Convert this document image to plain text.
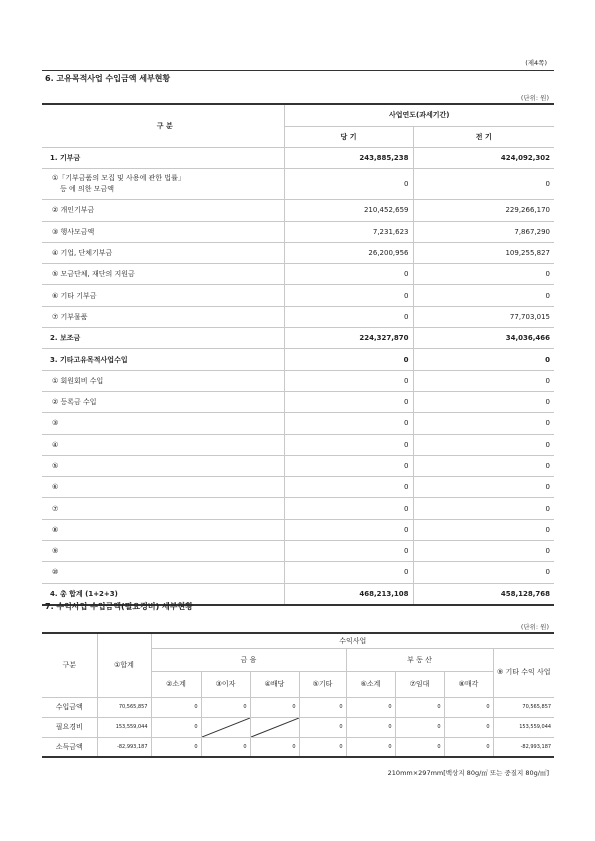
(제4쪽)
6. 고유목적사업 수입금액 세부현황
(단위: 원)
구 분	사업연도(과세기간)	
	당 기	전 기
1. 기부금	243,885,238	424,092,302
①「기부금품의 모집 및 사용에 관한 법률」
등 에 의한 모금액	0	0
② 개인기부금	210,452,659	229,266,170
③ 행사모금액	7,231,623	7,867,290
④ 기업, 단체기부금	26,200,956	109,255,827
⑤ 모금단체, 재단의 지원금	0	0
⑥ 기타 기부금	0	0
⑦ 기부물품	0	77,703,015
2. 보조금	224,327,870	34,036,466
3. 기타고유목적사업수입	0	0
① 회원회비 수입	0	0
② 등록금 수입	0	0
③	0	0
④	0	0
⑤	0	0
⑥	0	0
⑦	0	0
⑧	0	0
⑨	0	0
⑩	0	0
4. 총 합계 (1+2+3)	468,213,108	458,128,768
7. 수익사업 수입금액(필요경비) 세부현황
(단위: 원)
구분	①합계	수익사업							
		금 융				부 동 산			⑨ 기타 수익 사업
		②소계	③이자	④배당	⑤기타	⑥소계	⑦임대	⑧매각	
수입금액	70,565,857	0	0	0	0	0	0	0	70,565,857
필요경비	153,559,044	0			0	0	0	0	153,559,044
소득금액	-82,993,187	0	0	0	0	0	0	0	-82,993,187
210mm×297mm[백상지 80g/㎡ 또는 중질지 80g/㎡]
